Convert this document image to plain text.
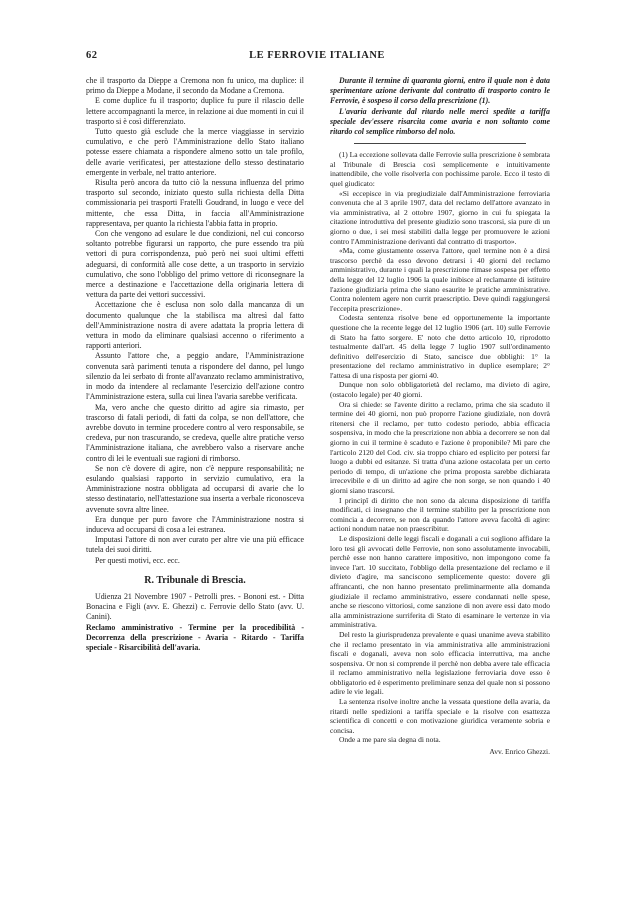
62	LE FERROVIE ITALIANE

che il trasporto da Dieppe a Cremona non fu unico, ma duplice: il primo da Dieppe a Modane, il secondo da Modane a Cremona.

E come duplice fu il trasporto; duplice fu pure il rilascio delle lettere accompagnanti la merce, in relazione ai due momenti in cui il trasporto si è così differenziato.

Tutto questo già esclude che la merce viaggiasse in servizio cumulativo, e che però l'Amministrazione dello Stato italiano potesse essere chiamata a rispondere almeno sotto un tale profilo, delle avarie verificatesi, per attestazione dello stesso destinatario emergente in verbale, nel tratto anteriore.

Risulta però ancora da tutto ciò la nessuna influenza del primo trasporto sul secondo, iniziato questo sulla richiesta della Ditta commissionaria pei trasporti Fratelli Goudrand, in luogo e vece del mittente, che essa Ditta, in faccia all'Amministrazione rappresentava, per quanto la richiesta l'abbia fatta in proprio.

Con che vengono ad esulare le due condizioni, nel cui concorso soltanto potrebbe figurarsi un rapporto, che pure essendo tra più vettori di pura corrispondenza, può però nei suoi ultimi effetti adeguarsi, di conformità alle cose dette, a un trasporto in servizio cumulativo, che sono l'obbligo del primo vettore di riconsegnare la merce a destinazione e l'accettazione della originaria lettera di vettura da parte dei vettori successivi.

Accettazione che è esclusa non solo dalla mancanza di un documento qualunque che la stabilisca ma altresì dal fatto dell'Amministrazione nostra di avere adattata la propria lettera di vettura in modo da eliminare qualsiasi accenno o riferimento a rapporti anteriori.

Assunto l'attore che, a peggio andare, l'Amministrazione convenuta sarà parimenti tenuta a rispondere del danno, pel lungo silenzio da lei serbato di fronte all'avanzato reclamo amministrativo, in modo da intendere al reclamante l'esercizio dell'azione contro l'Amministrazione estera, sulla cui linea l'avaria sarebbe verificata.

Ma, vero anche che questo diritto ad agire sia rimasto, per trascorso di fatali periodi, di fatti da colpa, se non dell'attore, che avrebbe dovuto in termine procedere contro al vero responsabile, se credeva, pur non trascurando, se credeva, quelle altre pratiche verso l'Amministrazione italiana, che avrebbero valso a riservare anche contro di lei le eventuali sue ragioni di rimborso.

Se non c'è dovere di agire, non c'è neppure responsabilità; ne esulando qualsiasi rapporto in servizio cumulativo, era la Amministrazione nostra obbligata ad occuparsi di avarie che lo stesso destinatario, nell'attestazione sua inserta a verbale riconosceva avvenute sovra altre linee.

Era dunque per puro favore che l'Amministrazione nostra si induceva ad occuparsi di cosa a lei estranea.

Imputasi l'attore di non aver curato per altre vie una più efficace tutela dei suoi diritti.

Per questi motivi, ecc. ecc.

R. Tribunale di Brescia.

Udienza 21 Novembre 1907 - Petrolli pres. - Bononi est. - Ditta Bonacina e Figli (avv. E. Ghezzi) c. Ferrovie dello Stato (avv. U. Canini).

Reclamo amministrativo - Termine per la procedibilità - Decorrenza della prescrizione - Avaria - Ritardo - Tariffa speciale - Risarcibilità dell'avaria.

Durante il termine di quaranta giorni, entro il quale non è data sperimentare azione derivante dal contratto di trasporto contro le Ferrovie, è sospeso il corso della prescrizione (1).

L'avaria derivante dal ritardo nelle merci spedite a tariffa speciale dev'essere risarcita come avaria e non soltanto come ritardo col semplice rimborso del nolo.

(1) La eccezione sollevata dalle Ferrovie sulla prescrizione è sembrata al Tribunale di Brescia così semplicemente e intuitivamente inattendibile, che volle risolverla con pochissime parole. Ecco il testo di quel giudicato:

«Si eccepisce in via pregiudiziale dall'Amministrazione ferroviaria convenuta che al 3 aprile 1907, data del reclamo dell'attore avanzato in via amministrativa, al 2 ottobre 1907, giorno in cui fu spiegata la citazione introduttiva del presente giudizio sono trascorsi, sia pure di un giorno o due, i sei mesi stabiliti dalla legge per promuovere le azioni contro l'Amministrazione derivanti dal contratto di trasporto».

«Ma, come giustamente osserva l'attore, quel termine non è a dirsi trascorso perchè da esso devono detrarsi i 40 giorni del reclamo amministrativo, durante i quali la prescrizione rimase sospesa per effetto della legge del 12 luglio 1906 la quale inibisce al reclamante di istituire l'azione giudiziaria prima che siano esaurite le pratiche amministrative. Contra nolentem agere non currit praescriptio. Deve quindi raggiungersi l'eccepita prescrizione».

Codesta sentenza risolve bene ed opportunemente la importante questione che la recente legge del 12 luglio 1906 (art. 10) sulle Ferrovie di Stato ha fatto sorgere. E' noto che detto articolo 10, riprodotto testualmente dall'art. 45 della legge 7 luglio 1907 sull'ordinamento definitivo dell'esercizio di Stato, sancisce due obblighi: 1° la presentazione del reclamo amministrativo in duplice esemplare; 2° l'attesa di una risposta per giorni 40.

Dunque non solo obbligatorietà del reclamo, ma divieto di agire, (ostacolo legale) per 40 giorni.

Ora si chiede: se l'avente diritto a reclamo, prima che sia scaduto il termine dei 40 giorni, non può proporre l'azione giudiziale, non dovrà ritenersi che il reclamo, per tutto codesto periodo, abbia efficacia sospensiva, in modo che la prescrizione non abbia a decorrere se non dal giorno in cui il termine è scaduto e l'azione è proponibile? Mi pare che l'articolo 2120 del Cod. civ. sia troppo chiaro ed esplicito per potersi far luogo a dubbi ed esitanze. Si tratta d'una azione ostacolata per un certo periodo di tempo, di un'azione che prima proposta sarebbe dichiarata irrecevibile e di un diritto ad agire che non sorge, se non quando i 40 giorni siano trascorsi.

I principî di diritto che non sono da alcuna disposizione di tariffa modificati, ci insegnano che il termine stabilito per la prescrizione non comincia a decorrere, se non da quando l'attore aveva facoltà di agire: actioni nondum natae non praescribitur.

Le disposizioni delle leggi fiscali e doganali a cui sogliono affidare la loro tesi gli avvocati delle Ferrovie, non sono assolutamente invocabili, perchè esse non hanno carattere impositivo, non impongono come fa invece l'art. 10 succitato, l'obbligo della presentazione del reclamo e il divieto d'agire, ma sanciscono semplicemente questo: dovere gli affrancanti, che non hanno presentato preliminarmente alla domanda giudiziale il reclamo amministrativo, essere condannati nelle spese, anche se riescono vittoriosi, come sanzione di non avere essi dato modo alla amministrazione surriferita di Stato di esaminare le vertenze in via amministrativa.

Del resto la giurisprudenza prevalente e quasi unanime aveva stabilito che il reclamo presentato in via amministrativa alle amministrazioni fiscali e doganali, aveva non solo efficacia interruttiva, ma anche sospensiva. Or non si comprende il perchè non debba avere tale efficacia il reclamo amministrativo nella legislazione ferroviaria dove esso è obbligatorio ed è esperimento preliminare senza del quale non si possono adire le vie legali.

La sentenza risolve inoltre anche la vessata questione della avaria, da ritardi nelle spedizioni a tariffa speciale e la risolve con esattezza scientifica di concetti e con motivazione giuridica veramente sobria e concisa.

Onde a me pare sia degna di nota.

Avv. Enrico Ghezzi.
